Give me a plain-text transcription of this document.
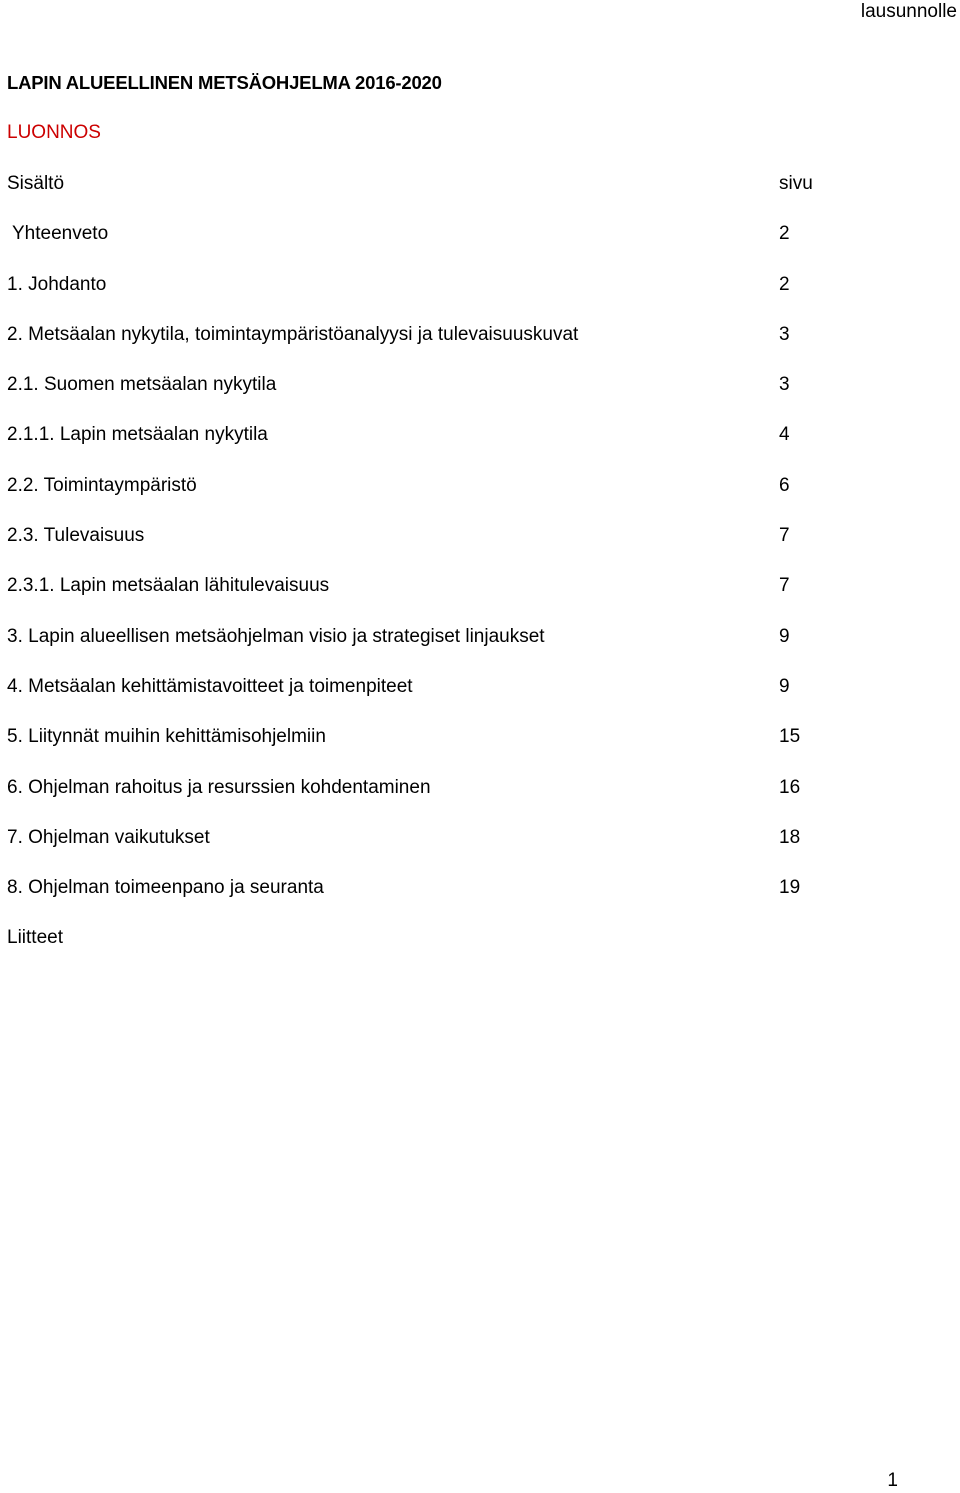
lausunnolle
LAPIN ALUEELLINEN METSÄOHJELMA 2016-2020
LUONNOS
Sisältö	sivu
Yhteenveto	2
1. Johdanto	2
2. Metsäalan nykytila, toimintaympäristöanalyysi ja tulevaisuuskuvat	3
2.1. Suomen metsäalan nykytila	3
2.1.1. Lapin metsäalan nykytila	4
2.2. Toimintaympäristö	6
2.3. Tulevaisuus	7
2.3.1. Lapin metsäalan lähitulevaisuus	7
3. Lapin alueellisen metsäohjelman visio ja strategiset linjaukset	9
4. Metsäalan kehittämistavoitteet ja toimenpiteet	9
5. Liitynnät muihin kehittämisohjelmiin	15
6. Ohjelman rahoitus ja resurssien kohdentaminen	16
7. Ohjelman vaikutukset	18
8. Ohjelman toimeenpano ja seuranta	19
Liitteet
1
